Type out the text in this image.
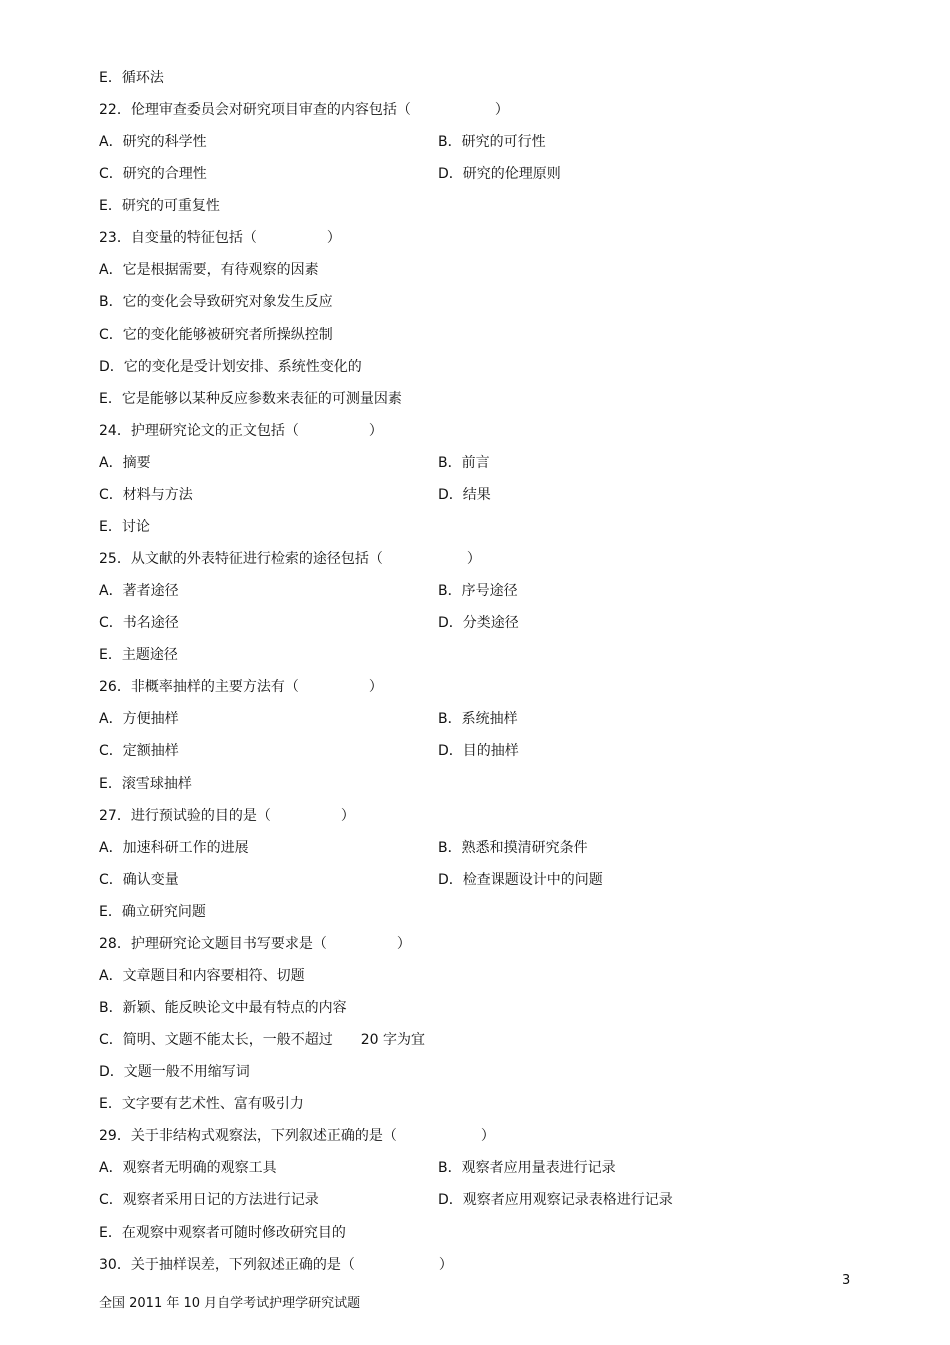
E．循环法
22．伦理审查委员会对研究项目审查的内容包括（　　　　　　）
A．研究的科学性	B．研究的可行性
C．研究的合理性	D．研究的伦理原则
E．研究的可重复性
23．自变量的特征包括（　　　　　）
A．它是根据需要，有待观察的因素
B．它的变化会导致研究对象发生反应
C．它的变化能够被研究者所操纵控制
D．它的变化是受计划安排、系统性变化的
E．它是能够以某种反应参数来表征的可测量因素
24．护理研究论文的正文包括（　　　　　）
A．摘要	B．前言
C．材料与方法	D．结果
E．讨论
25．从文献的外表特征进行检索的途径包括（　　　　　　）
A．著者途径	B．序号途径
C．书名途径	D．分类途径
E．主题途径
26．非概率抽样的主要方法有（　　　　　）
A．方便抽样	B．系统抽样
C．定额抽样	D．目的抽样
E．滚雪球抽样
27．进行预试验的目的是（　　　　　）
A．加速科研工作的进展	B．熟悉和摸清研究条件
C．确认变量	D．检查课题设计中的问题
E．确立研究问题
28．护理研究论文题目书写要求是（　　　　　）
A．文章题目和内容要相符、切题
B．新颖、能反映论文中最有特点的内容
C．简明、文题不能太长，一般不超过　　20 字为宜
D．文题一般不用缩写词
E．文字要有艺术性、富有吸引力
29．关于非结构式观察法，下列叙述正确的是（　　　　　　）
A．观察者无明确的观察工具	B．观察者应用量表进行记录
C．观察者采用日记的方法进行记录	D．观察者应用观察记录表格进行记录
E．在观察中观察者可随时修改研究目的
30．关于抽样误差，下列叙述正确的是（　　　　　　）
3
全国 2011 年 10 月自学考试护理学研究试题
